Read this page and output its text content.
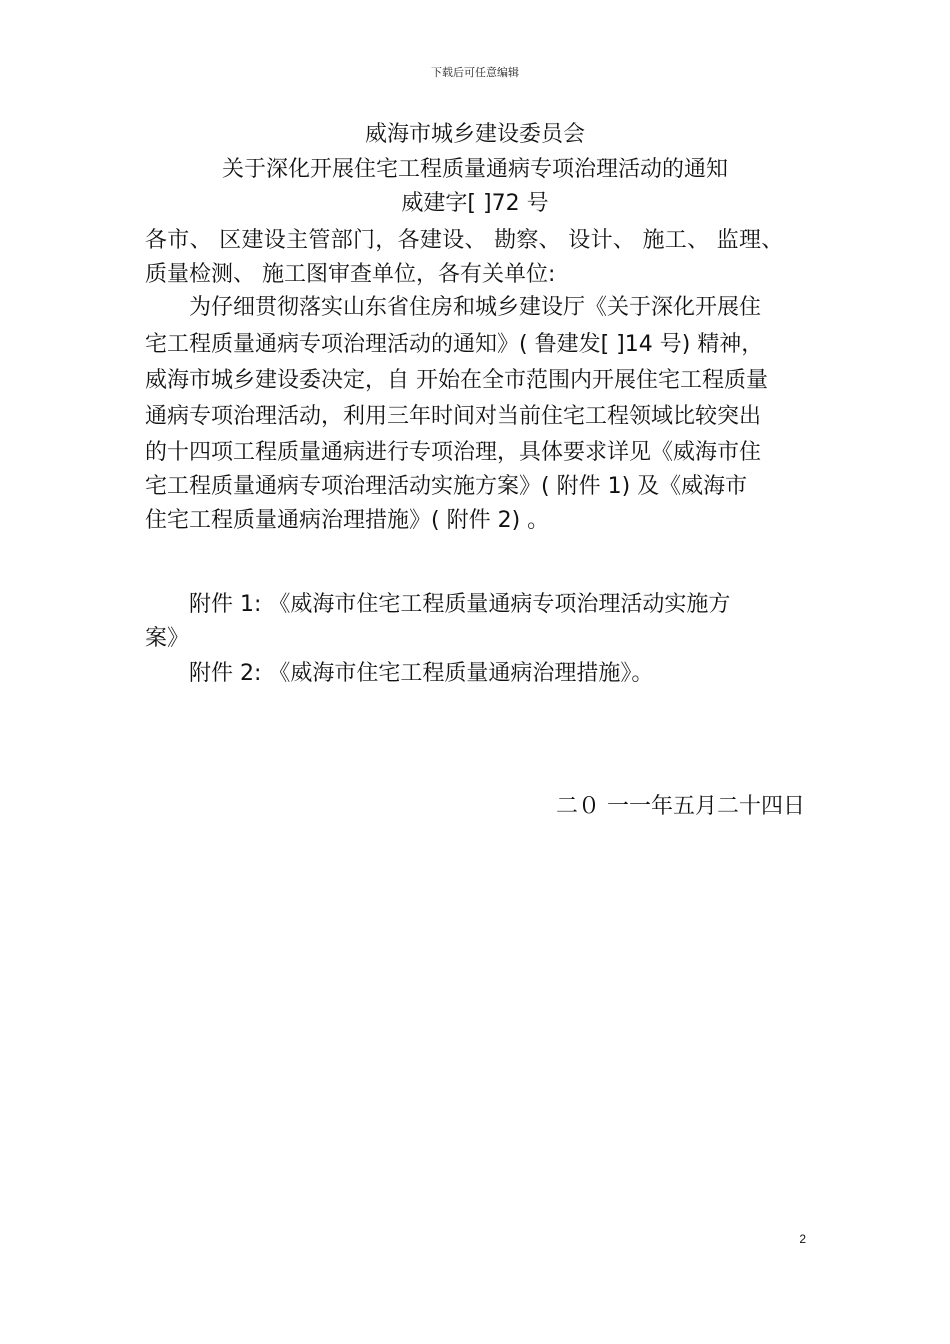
下载后可任意编辑
威海市城乡建设委员会
关于深化开展住宅工程质量通病专项治理活动的通知
威建字[ ]72 号
各市、 区建设主管部门，各建设、 勘察、 设计、 施工、 监理、
质量检测、 施工图审查单位，各有关单位:
　　为仔细贯彻落实山东省住房和城乡建设厅《关于深化开展住
宅工程质量通病专项治理活动的通知》( 鲁建发[ ]14 号) 精神，
威海市城乡建设委决定，自 开始在全市范围内开展住宅工程质量
通病专项治理活动，利用三年时间对当前住宅工程领域比较突出
的十四项工程质量通病进行专项治理，具体要求详见《威海市住
宅工程质量通病专项治理活动实施方案》( 附件 1) 及《威海市
住宅工程质量通病治理措施》( 附件 2) 。
　　附件 1: 《威海市住宅工程质量通病专项治理活动实施方
案》
　　附件 2: 《威海市住宅工程质量通病治理措施》。
二０ 一一年五月二十四日
2
